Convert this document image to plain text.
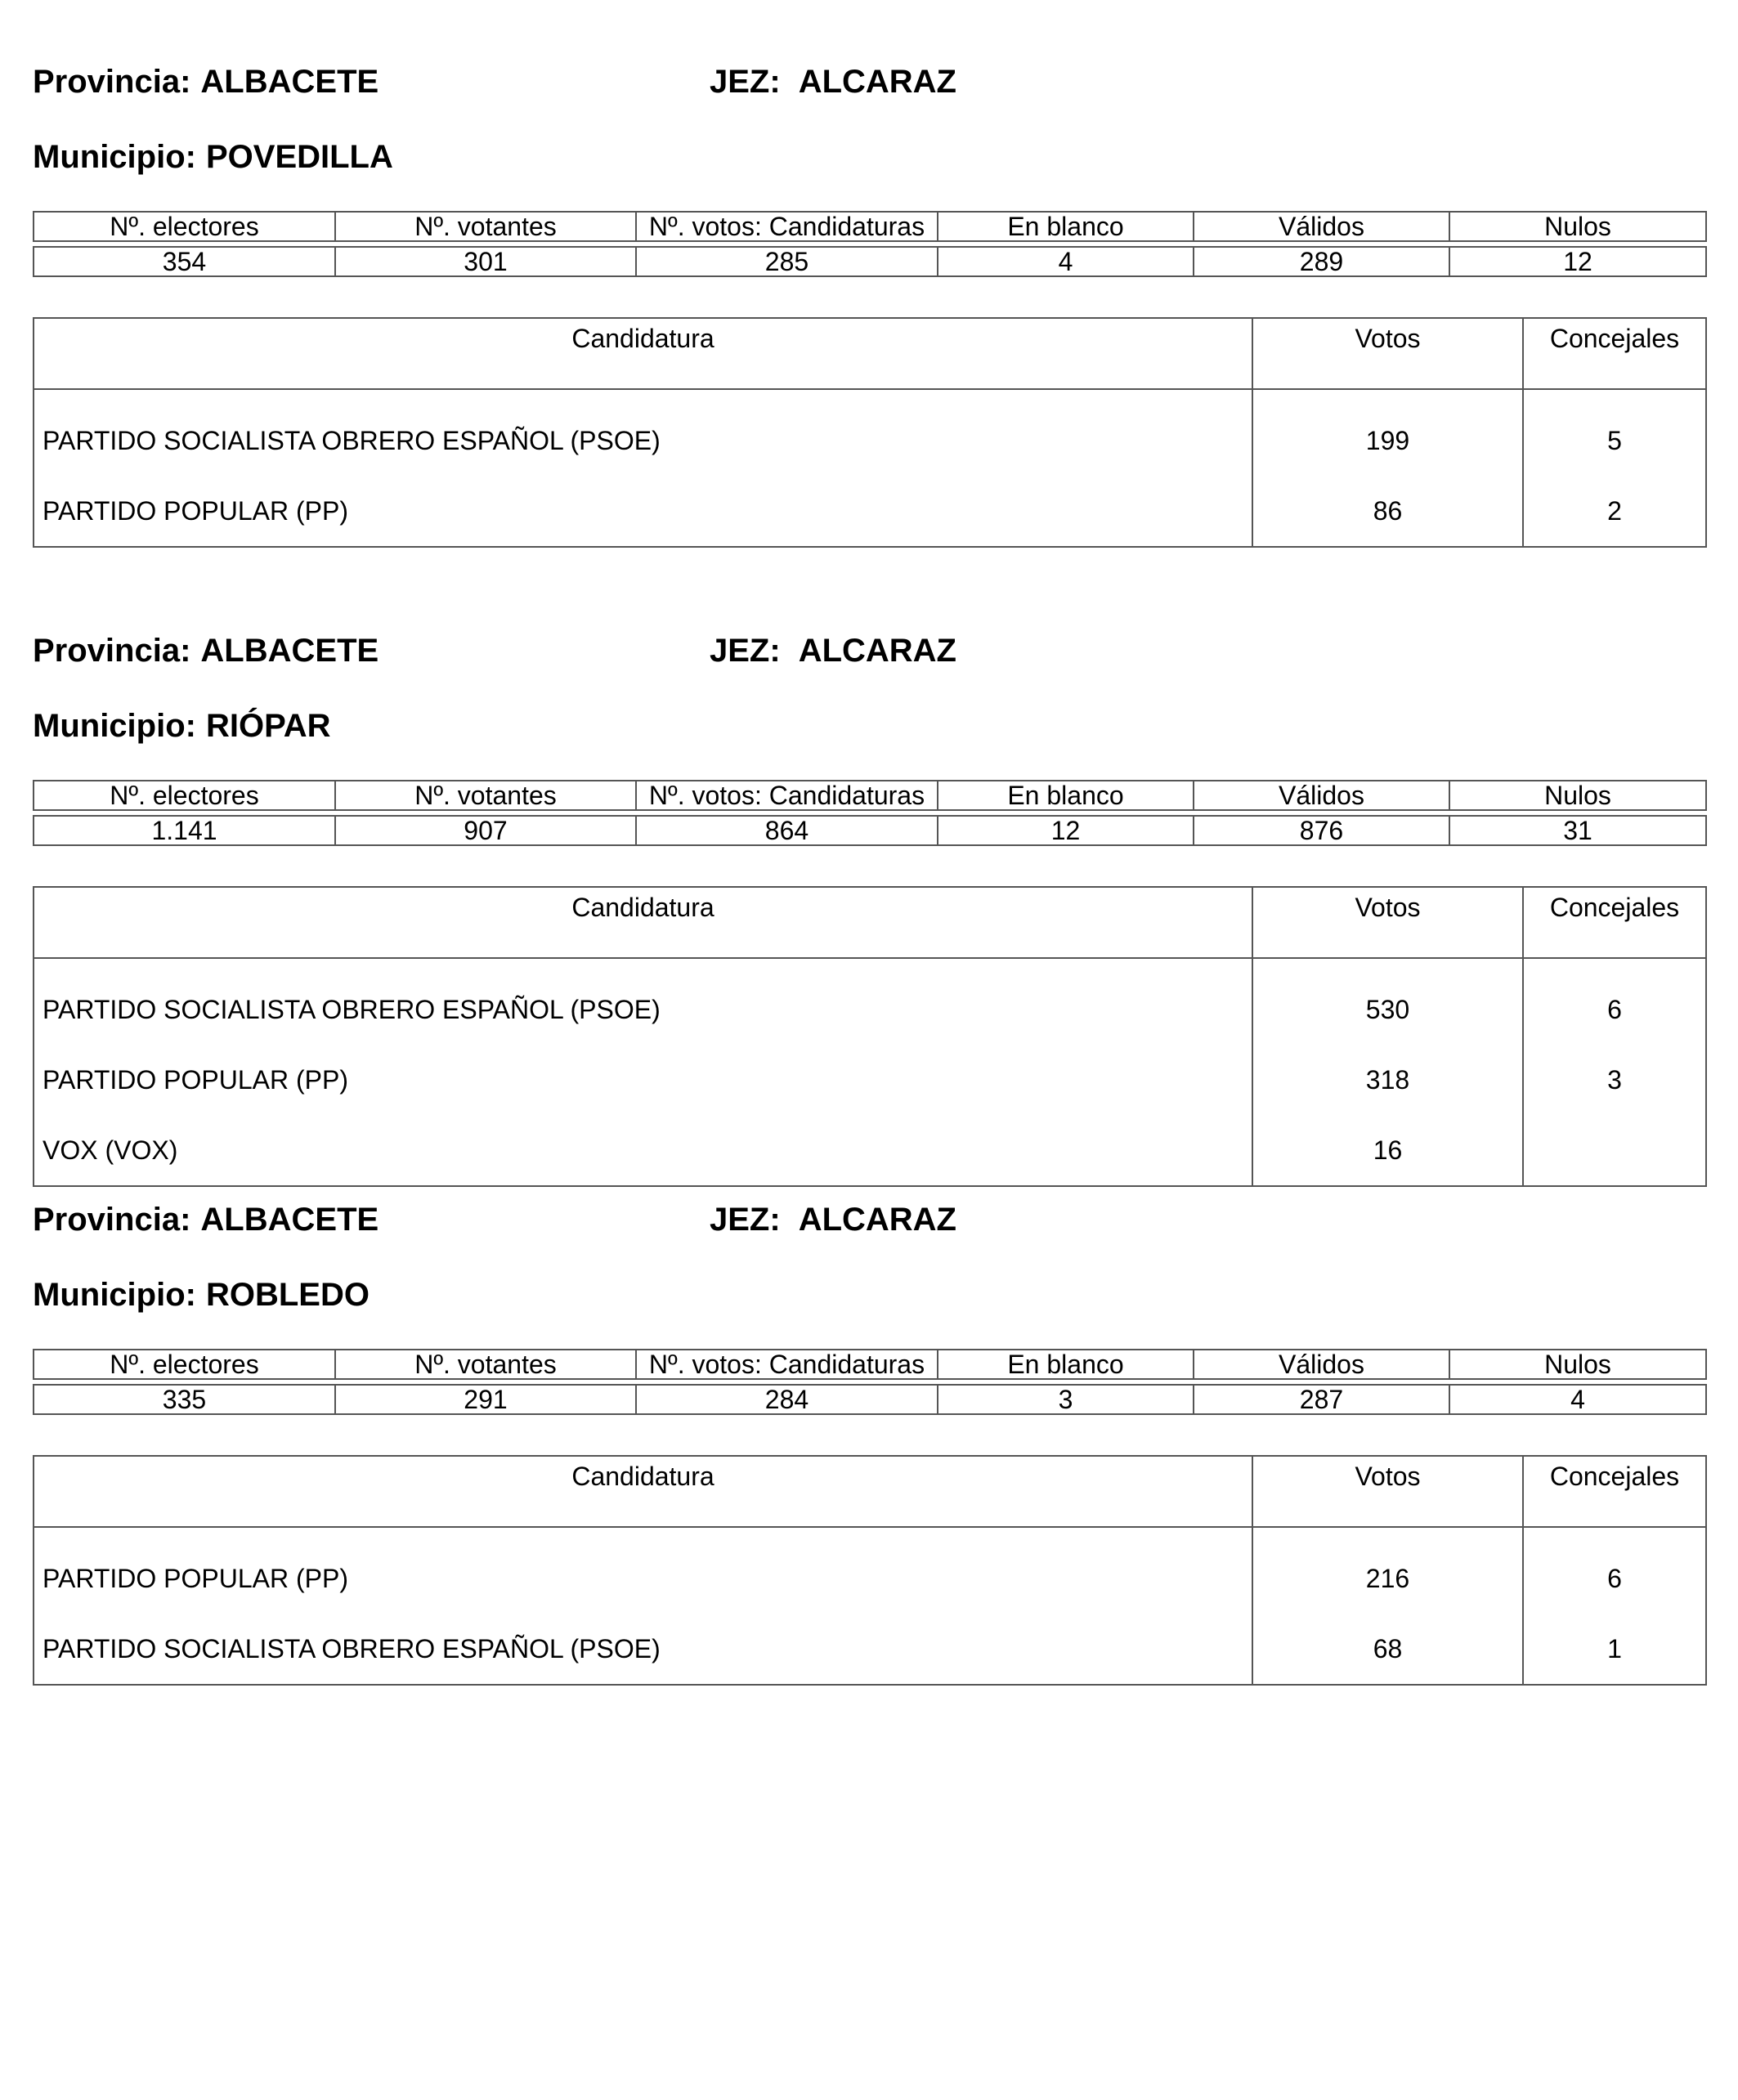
Provincia: ALBACETE	JEZ: ALCARAZ
Municipio: POVEDILLA
Nº. electores	Nº. votantes	Nº. votos: Candidaturas	En blanco	Válidos	Nulos

354	301	285	4	289	12
Candidatura	Votos	Concejales
PARTIDO SOCIALISTA OBRERO ESPAÑOL (PSOE)	199	5
PARTIDO POPULAR (PP)	86	2
Provincia: ALBACETE	JEZ: ALCARAZ
Municipio: RIÓPAR
Nº. electores	Nº. votantes	Nº. votos: Candidaturas	En blanco	Válidos	Nulos

1.141	907	864	12	876	31
Candidatura	Votos	Concejales
PARTIDO SOCIALISTA OBRERO ESPAÑOL (PSOE)	530	6
PARTIDO POPULAR (PP)	318	3
VOX (VOX)	16	
Provincia: ALBACETE	JEZ: ALCARAZ
Municipio: ROBLEDO
Nº. electores	Nº. votantes	Nº. votos: Candidaturas	En blanco	Válidos	Nulos

335	291	284	3	287	4
Candidatura	Votos	Concejales
PARTIDO POPULAR (PP)	216	6
PARTIDO SOCIALISTA OBRERO ESPAÑOL (PSOE)	68	1
